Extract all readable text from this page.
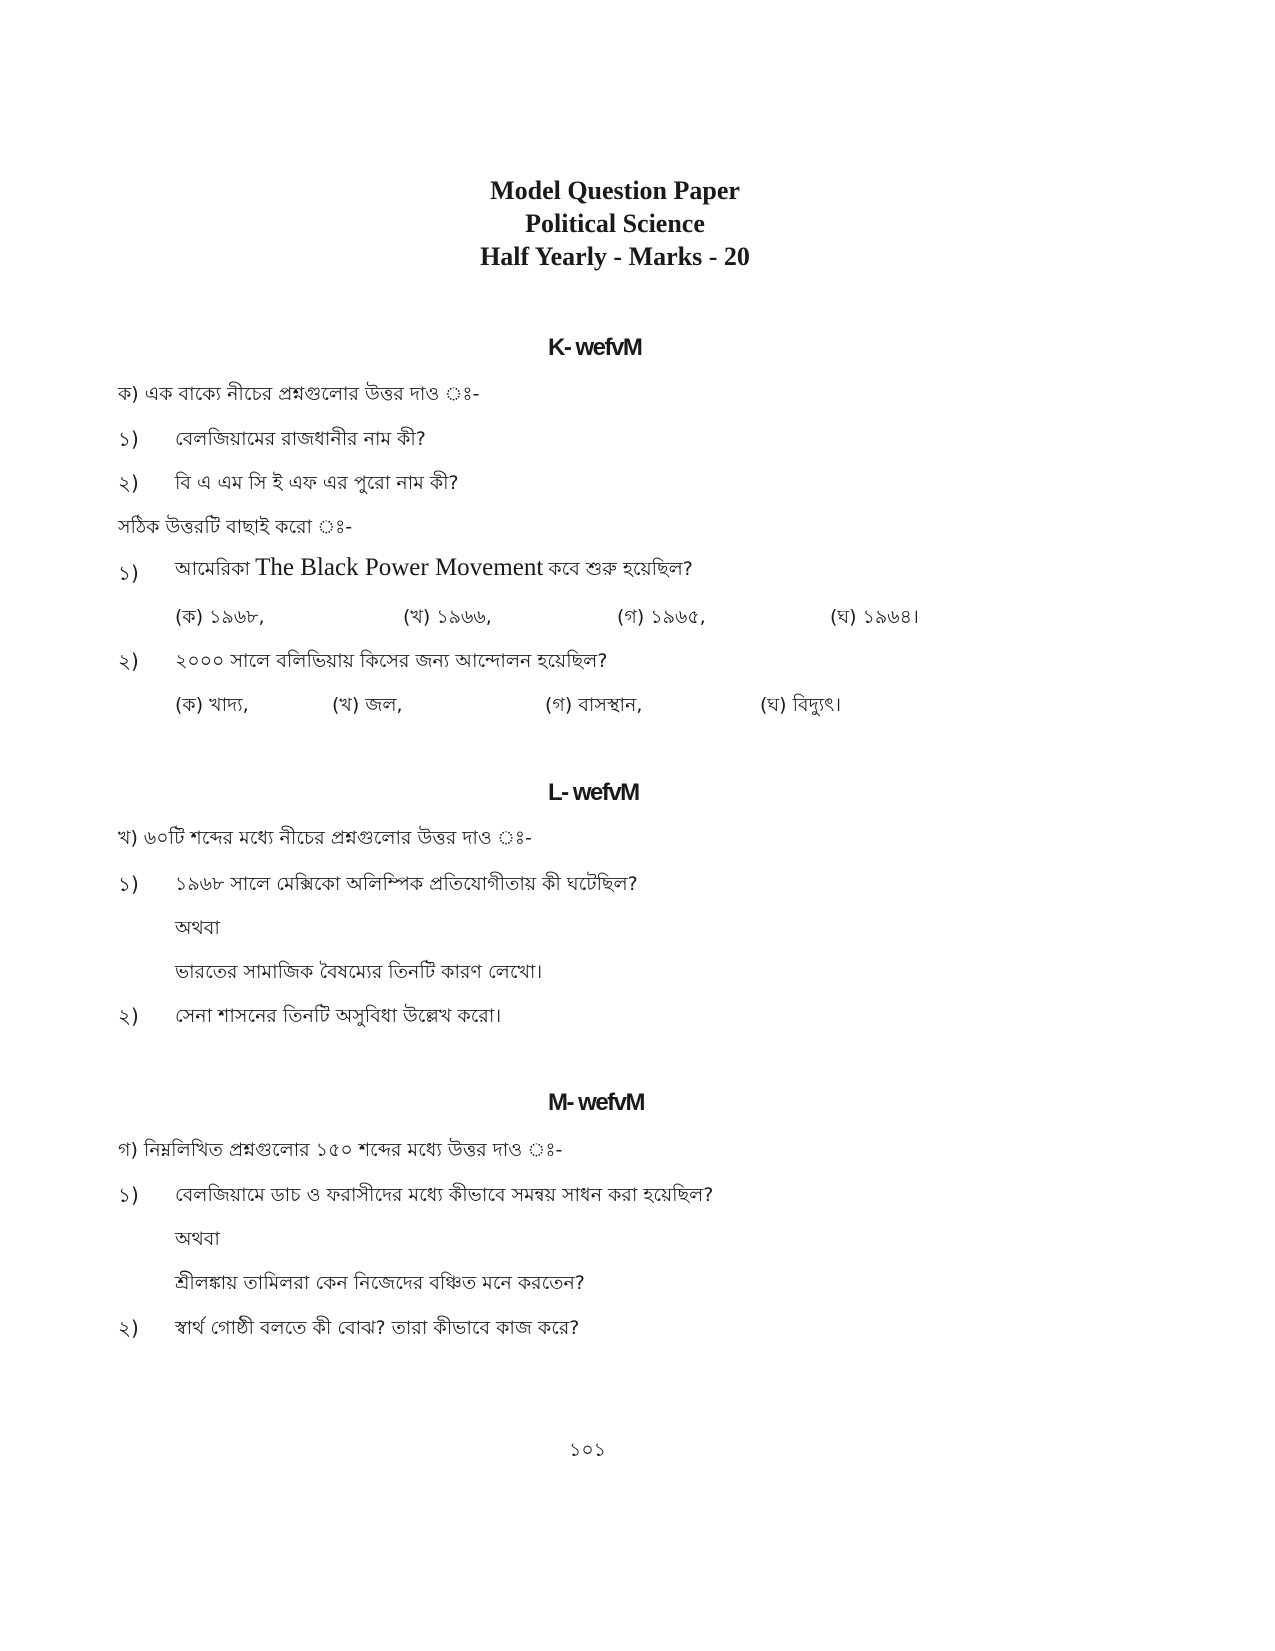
Model Question Paper
Political Science
Half Yearly - Marks - 20
K- wefvM
ক) এক বাক্যে নীচের প্রশ্নগুলোর উত্তর দাও ঃ-
১) বেলজিয়ামের রাজধানীর নাম কী?
২) বি এ এম সি ই এফ এর পুরো নাম কী?
সঠিক উত্তরটি বাছাই করো ঃ-
১) আমেরিকা The Black Power Movement কবে শুরু হয়েছিল?
(ক) ১৯৬৮,	(খ) ১৯৬৬,	(গ) ১৯৬৫,	(ঘ) ১৯৬৪।
২) ২০০০ সালে বলিভিয়ায় কিসের জন্য আন্দোলন হয়েছিল?
(ক) খাদ্য,	(খ) জল,	(গ) বাসস্থান,	(ঘ) বিদ্যুৎ।
L- wefvM
খ) ৬০টি শব্দের মধ্যে নীচের প্রশ্নগুলোর উত্তর দাও ঃ-
১) ১৯৬৮ সালে মেক্সিকো অলিম্পিক প্রতিযোগীতায় কী ঘটেছিল?
অথবা
ভারতের সামাজিক বৈষম্যের তিনটি কারণ লেখো।
২) সেনা শাসনের তিনটি অসুবিধা উল্লেখ করো।
M- wefvM
গ) নিম্নলিখিত প্রশ্নগুলোর ১৫০ শব্দের মধ্যে উত্তর দাও ঃ-
১) বেলজিয়ামে ডাচ ও ফরাসীদের মধ্যে কীভাবে সমন্বয় সাধন করা হয়েছিল?
অথবা
শ্রীলঙ্কায় তামিলরা কেন নিজেদের বঞ্চিত মনে করতেন?
২) স্বার্থ গোষ্ঠী বলতে কী বোঝ? তারা কীভাবে কাজ করে?
১০১
